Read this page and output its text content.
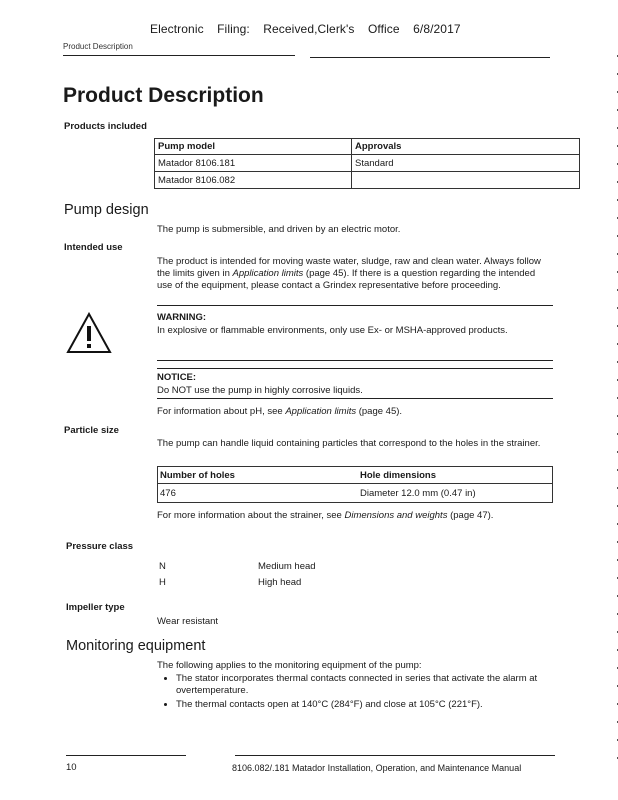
Electronic Filing: Received,Clerk's Office 6/8/2017
Product Description
Product Description
Products included
Pump model	Approvals
Matador 8106.181	Standard
Matador 8106.082	
Pump design
The pump is submersible, and driven by an electric motor.
Intended use
The product is intended for moving waste water, sludge, raw and clean water. Always follow the limits given in Application limits (page 45). If there is a question regarding the intended use of the equipment, please contact a Grindex representative before proceeding.
WARNING:
In explosive or flammable environments, only use Ex- or MSHA-approved products.
NOTICE:
Do NOT use the pump in highly corrosive liquids.
For information about pH, see Application limits (page 45).
Particle size
The pump can handle liquid containing particles that correspond to the holes in the strainer.
Number of holes	Hole dimensions
476	Diameter 12.0 mm (0.47 in)
For more information about the strainer, see Dimensions and weights (page 47).
Pressure class
N	Medium head
H	High head
Impeller type
Wear resistant
Monitoring equipment
The following applies to the monitoring equipment of the pump:
• The stator incorporates thermal contacts connected in series that activate the alarm at overtemperature.
• The thermal contacts open at 140°C (284°F) and close at 105°C (221°F).
10	8106.082/.181 Matador Installation, Operation, and Maintenance Manual
